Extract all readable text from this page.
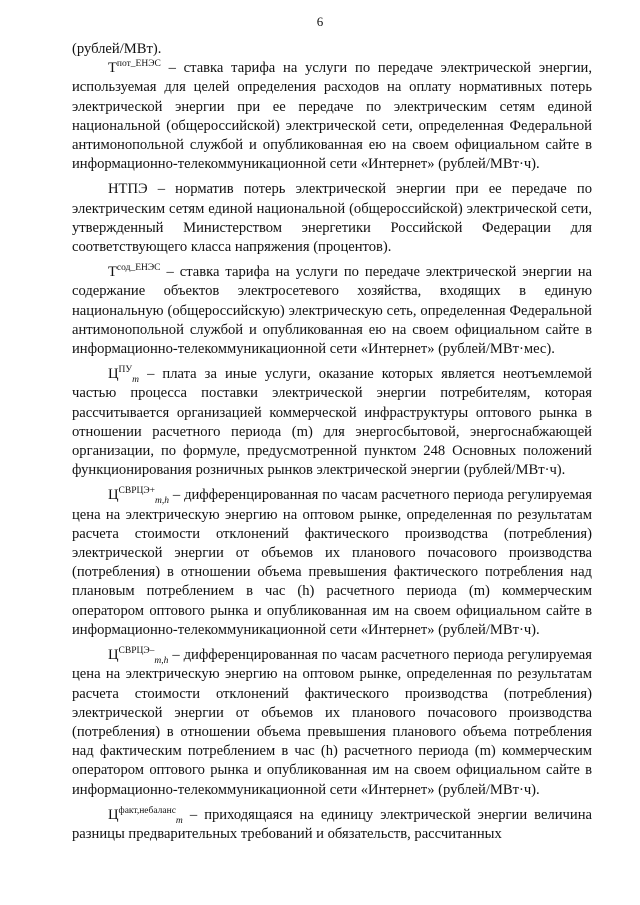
6

(рублей/МВт).

$Т^{пот\_ЕНЭС}$ – ставка тарифа на услуги по передаче электрической энергии, используемая для целей определения расходов на оплату нормативных потерь электрической энергии при ее передаче по электрическим сетям единой национальной (общероссийской) электрической сети, определенная Федеральной антимонопольной службой и опубликованная ею на своем официальном сайте в информационно-телекоммуникационной сети «Интернет» (рублей/МВт·ч).

НТПЭ – норматив потерь электрической энергии при ее передаче по электрическим сетям единой национальной (общероссийской) электрической сети, утвержденный Министерством энергетики Российской Федерации для соответствующего класса напряжения (процентов).

$Т^{сод\_ЕНЭС}$ – ставка тарифа на услуги по передаче электрической энергии на содержание объектов электросетевого хозяйства, входящих в единую национальную (общероссийскую) электрическую сеть, определенная Федеральной антимонопольной службой и опубликованная ею на своем официальном сайте в информационно-телекоммуникационной сети «Интернет» (рублей/МВт·мес).

$Ц^{ПУ}_m$ – плата за иные услуги, оказание которых является неотъемлемой частью процесса поставки электрической энергии потребителям, которая рассчитывается организацией коммерческой инфраструктуры оптового рынка в отношении расчетного периода (m) для энергосбытовой, энергоснабжающей организации, по формуле, предусмотренной пунктом 248 Основных положений функционирования розничных рынков электрической энергии (рублей/МВт·ч).

$Ц^{СВРЦЭ+}_{m,h}$ – дифференцированная по часам расчетного периода регулируемая цена на электрическую энергию на оптовом рынке, определенная по результатам расчета стоимости отклонений фактического производства (потребления) электрической энергии от объемов их планового почасового производства (потребления) в отношении объема превышения фактического потребления над плановым потреблением в час (h) расчетного периода (m) коммерческим оператором оптового рынка и опубликованная им на своем официальном сайте в информационно-телекоммуникационной сети «Интернет» (рублей/МВт·ч).

$Ц^{СВРЦЭ-}_{m,h}$ – дифференцированная по часам расчетного периода регулируемая цена на электрическую энергию на оптовом рынке, определенная по результатам расчета стоимости отклонений фактического производства (потребления) электрической энергии от объемов их планового почасового производства (потребления) в отношении объема превышения планового объема потребления над фактическим потреблением в час (h) расчетного периода (m) коммерческим оператором оптового рынка и опубликованная им на своем официальном сайте в информационно-телекоммуникационной сети «Интернет» (рублей/МВт·ч).

$Ц^{факт,небаланс}_m$ – приходящаяся на единицу электрической энергии величина разницы предварительных требований и обязательств, рассчитанных
